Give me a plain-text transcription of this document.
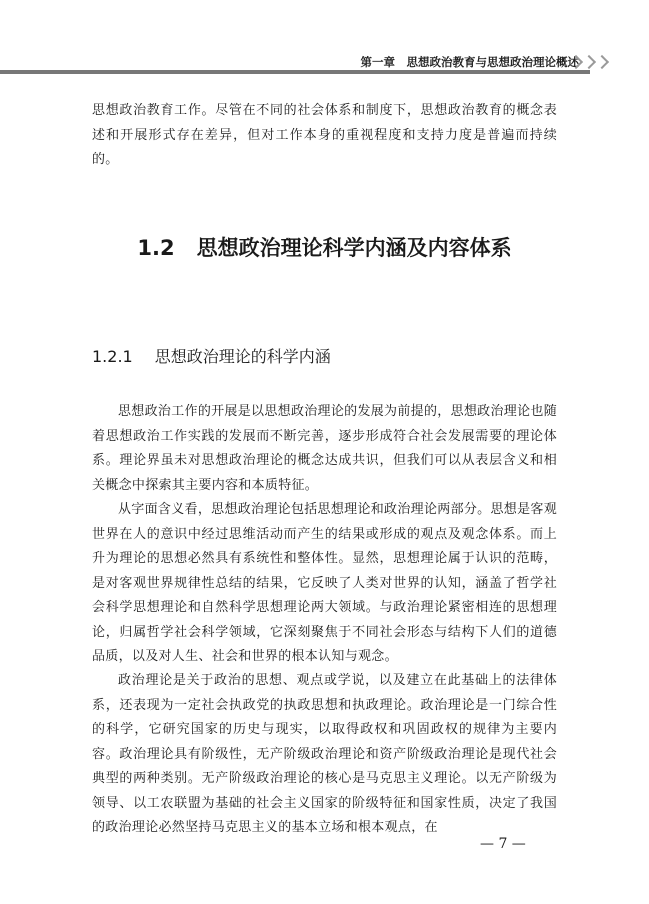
第一章　思想政治教育与思想政治理论概述

思想政治教育工作。尽管在不同的社会体系和制度下，思想政治教育的概念表述和开展形式存在差异，但对工作本身的重视程度和支持力度是普遍而持续的。

1.2 思想政治理论科学内涵及内容体系
1.2.1 思想政治理论的科学内涵

思想政治工作的开展是以思想政治理论的发展为前提的，思想政治理论也随着思想政治工作实践的发展而不断完善，逐步形成符合社会发展需要的理论体系。理论界虽未对思想政治理论的概念达成共识，但我们可以从表层含义和相关概念中探索其主要内容和本质特征。

从字面含义看，思想政治理论包括思想理论和政治理论两部分。思想是客观世界在人的意识中经过思维活动而产生的结果或形成的观点及观念体系。而上升为理论的思想必然具有系统性和整体性。显然，思想理论属于认识的范畴，是对客观世界规律性总结的结果，它反映了人类对世界的认知，涵盖了哲学社会科学思想理论和自然科学思想理论两大领域。与政治理论紧密相连的思想理论，归属哲学社会科学领域，它深刻聚焦于不同社会形态与结构下人们的道德品质，以及对人生、社会和世界的根本认知与观念。

政治理论是关于政治的思想、观点或学说，以及建立在此基础上的法律体系，还表现为一定社会执政党的执政思想和执政理论。政治理论是一门综合性的科学，它研究国家的历史与现实，以取得政权和巩固政权的规律为主要内容。政治理论具有阶级性，无产阶级政治理论和资产阶级政治理论是现代社会典型的两种类别。无产阶级政治理论的核心是马克思主义理论。以无产阶级为领导、以工农联盟为基础的社会主义国家的阶级特征和国家性质，决定了我国的政治理论必然坚持马克思主义的基本立场和根本观点，在

— 7 —
